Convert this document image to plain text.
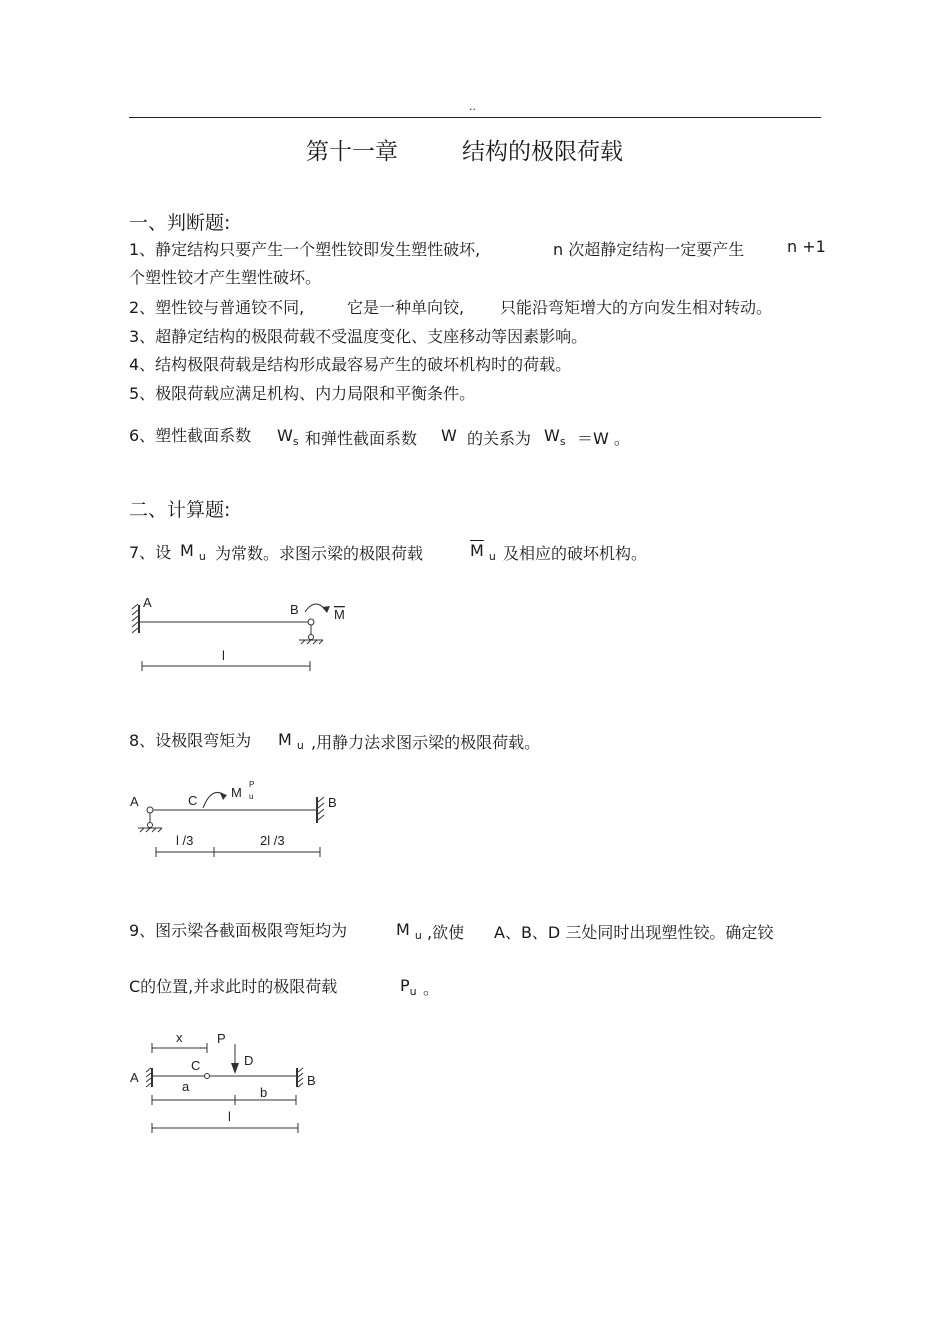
..
第十一章	结构的极限荷载
一、判断题:
1、静定结构只要产生一个塑性铰即发生塑性破坏,	n 次超静定结构一定要产生	n +1
个塑性铰才产生塑性破坏。
2、塑性铰与普通铰不同,	它是一种单向铰, 只能沿弯矩增大的方向发生相对转动。
3、超静定结构的极限荷载不受温度变化、支座移动等因素影响。
4、结构极限荷载是结构形成最容易产生的破坏机构时的荷载。
5、极限荷载应满足机构、内力局限和平衡条件。
6、塑性截面系数 $W_s$ 和弹性截面系数 W 的关系为 $W_s =W$ 。
二、计算题:
7、设 M $_u$ 为常数。求图示梁的极限荷载	$\overline{M}$ $_u$ 及相应的破坏机构。
A	B	M
l
8、设极限弯矩为 M $_u$ ,用静力法求图示梁的极限荷载。
A	C
M
P
u	B
l /3	2l /3
9、图示梁各截面极限弯矩均为	M $_u$ ,欲使 A、B、D 三处同时出现塑性铰。确定铰
C的位置,并求此时的极限荷载	$P_u$ 。
x	P
C	D
A	B
a	b
l
